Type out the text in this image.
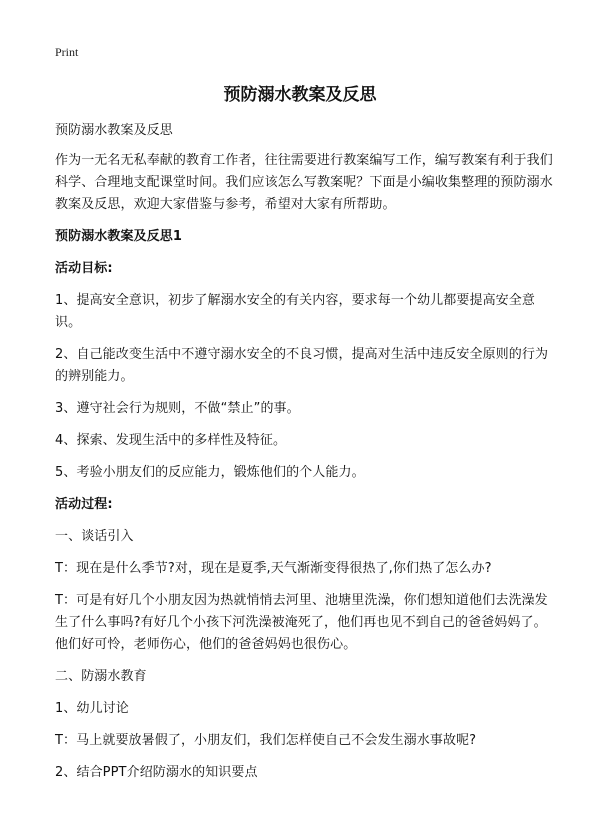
Print
预防溺水教案及反思

预防溺水教案及反思

作为一无名无私奉献的教育工作者，往往需要进行教案编写工作，编写教案有利于我们科学、合理地支配课堂时间。我们应该怎么写教案呢？下面是小编收集整理的预防溺水教案及反思，欢迎大家借鉴与参考，希望对大家有所帮助。

预防溺水教案及反思1

活动目标:

1、提高安全意识，初步了解溺水安全的有关内容，要求每一个幼儿都要提高安全意识。

2、自己能改变生活中不遵守溺水安全的不良习惯，提高对生活中违反安全原则的行为的辨别能力。

3、遵守社会行为规则，不做“禁止”的事。

4、探索、发现生活中的多样性及特征。

5、考验小朋友们的反应能力，锻炼他们的个人能力。

活动过程:

一、谈话引入

T：现在是什么季节?对，现在是夏季,天气渐渐变得很热了,你们热了怎么办?

T：可是有好几个小朋友因为热就悄悄去河里、池塘里洗澡，你们想知道他们去洗澡发生了什么事吗?有好几个小孩下河洗澡被淹死了，他们再也见不到自己的爸爸妈妈了。他们好可怜，老师伤心，他们的爸爸妈妈也很伤心。

二、防溺水教育

1、幼儿讨论

T：马上就要放暑假了，小朋友们，我们怎样使自己不会发生溺水事故呢?

2、结合PPT介绍防溺水的知识要点
